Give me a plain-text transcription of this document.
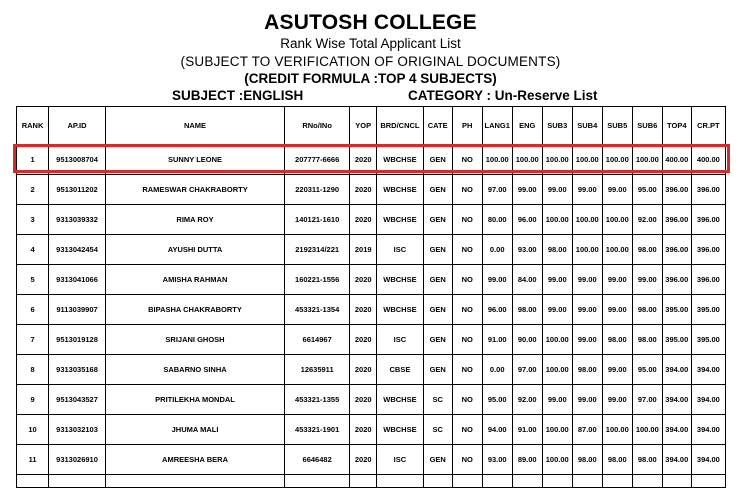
ASUTOSH COLLEGE
Rank Wise Total Applicant List
(SUBJECT TO VERIFICATION OF ORIGINAL DOCUMENTS)
(CREDIT FORMULA :TOP 4 SUBJECTS)
SUBJECT :ENGLISH	CATEGORY : Un-Reserve List
RANK	AP.ID	NAME	RNo/INo	YOP	BRD/CNCL	CATE	PH	LANG1	ENG	SUB3	SUB4	SUB5	SUB6	TOP4	CR.PT
1	9513008704	SUNNY LEONE	207777-6666	2020	WBCHSE	GEN	NO	100.00	100.00	100.00	100.00	100.00	100.00	400.00	400.00
2	9513011202	RAMESWAR CHAKRABORTY	220311-1290	2020	WBCHSE	GEN	NO	97.00	99.00	99.00	99.00	99.00	95.00	396.00	396.00
3	9313039332	RIMA ROY	140121-1610	2020	WBCHSE	GEN	NO	80.00	96.00	100.00	100.00	100.00	92.00	396.00	396.00
4	9313042454	AYUSHI DUTTA	2192314/221	2019	ISC	GEN	NO	0.00	93.00	98.00	100.00	100.00	98.00	396.00	396.00
5	9313041066	AMISHA RAHMAN	160221-1556	2020	WBCHSE	GEN	NO	99.00	84.00	99.00	99.00	99.00	99.00	396.00	396.00
6	9113039907	BIPASHA CHAKRABORTY	453321-1354	2020	WBCHSE	GEN	NO	96.00	98.00	99.00	99.00	99.00	98.00	395.00	395.00
7	9513019128	SRIJANI GHOSH	6614967	2020	ISC	GEN	NO	91.00	90.00	100.00	99.00	98.00	98.00	395.00	395.00
8	9313035168	SABARNO SINHA	12635911	2020	CBSE	GEN	NO	0.00	97.00	100.00	98.00	99.00	95.00	394.00	394.00
9	9513043527	PRITILEKHA MONDAL	453321-1355	2020	WBCHSE	SC	NO	95.00	92.00	99.00	99.00	99.00	97.00	394.00	394.00
10	9313032103	JHUMA MALI	453321-1901	2020	WBCHSE	SC	NO	94.00	91.00	100.00	87.00	100.00	100.00	394.00	394.00
11	9313026910	AMREESHA BERA	6646482	2020	ISC	GEN	NO	93.00	89.00	100.00	98.00	98.00	98.00	394.00	394.00
